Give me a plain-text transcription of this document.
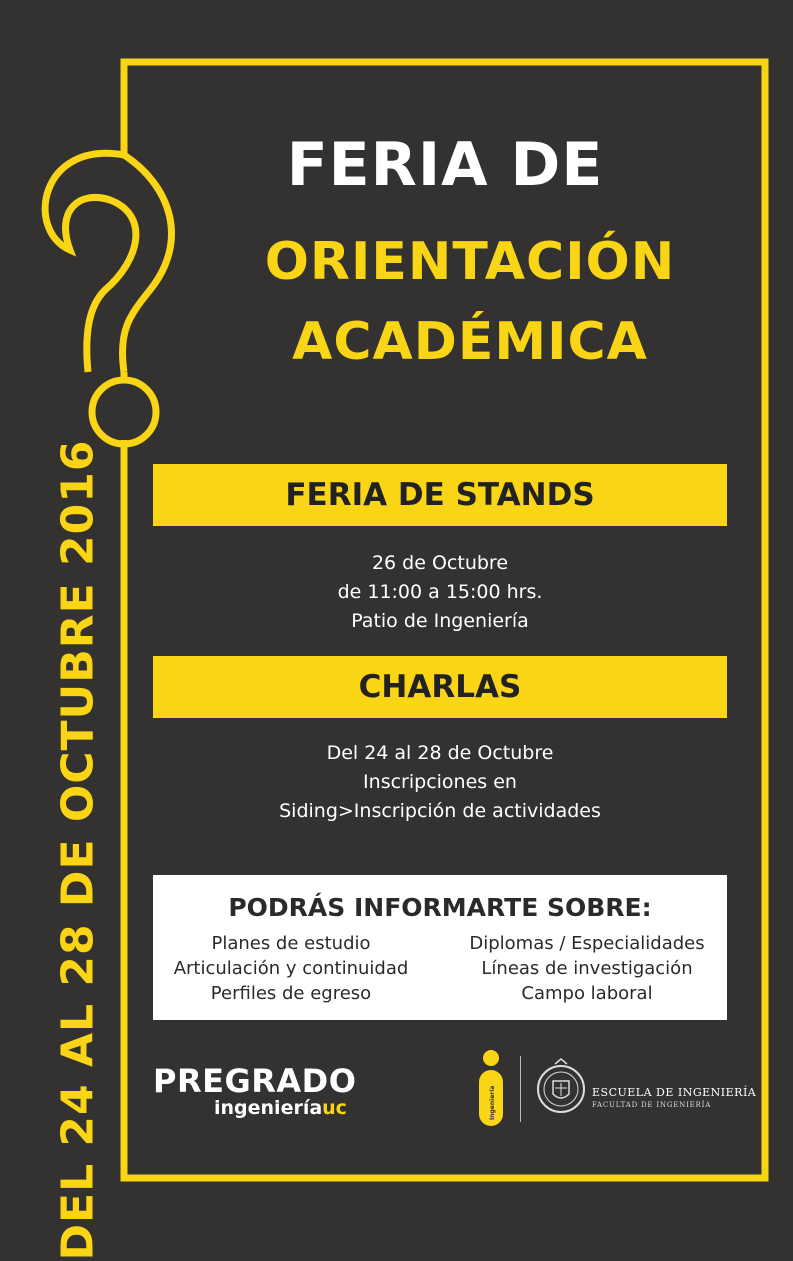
FERIA DE
ORIENTACIÓN
ACADÉMICA
FERIA DE STANDS
26 de Octubre
de 11:00 a 15:00 hrs.
Patio de Ingeniería
CHARLAS
Del 24 al 28 de Octubre
Inscripciones en
Siding>Inscripción de actividades
PODRÁS INFORMARTE SOBRE:
Planes de estudio
Articulación y continuidad
Perfiles de egreso
Diplomas / Especialidades
Líneas de investigación
Campo laboral
DEL 24 AL 28 DE OCTUBRE 2016 PREGRADO
ingenieríauc	Ingeniería	ESCUELA DE INGENIERÍA
FACULTAD DE INGENIERÍA
